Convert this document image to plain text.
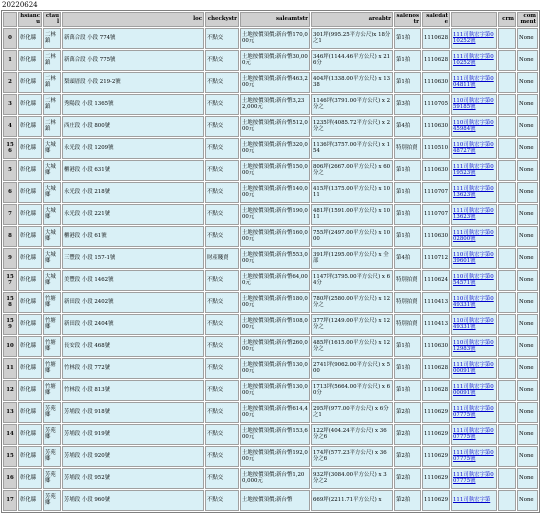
20220624
	hsiancu	ctaul	loc	checkystr	saleamtstr	areabtr	salenostr	saledate		crm	comment
0	彰化縣	二林鎮	新萬合段 小段 774號	不點交	土地按價須價;新台幣170,000元	301坪(995.25平方公尺)x 18分之1	第1拍	1110628	111司執宏字第010252號		None
1	彰化縣	二林鎮	新萬合段 小段 775號	不點交	土地按價須價;新台幣30,000元	346坪(1144.46平方公尺) x 216分	第1拍	1110628	111司執宏字第010252號		None
2	彰化縣	二林鎮	梨頭厝段 小段 219-2號	不點交	土地按價須價;新台幣463,200元	404坪(1338.00平方公尺) x 1338	第1拍	1110630	111司執宏字第004811號		None
3	彰化縣	二林鎮	秀陽段 小段 1365號	不點交	土地按價須價;新台幣3,232,000元	1146坪(3791.00平方公尺) x 2分之	第3拍	1110705	110司執宏字第059185號		None
4	彰化縣	二林鎮	西庄段 小段 800號	不點交	土地按價須價;新台幣512,000元	1235坪(4085.72平方公尺) x 2分之	第4拍	1110630	110司執宏字第045984號		None
156	彰化縣	大城鄉	永光段 小段 1209號	不點交	土地按價須價;新台幣320,000元	1136坪(3757.00平方公尺) x 154	特別拍賣	1110510	110司執宏字第048727號		None
5	彰化縣	大城鄉	櫃港段 小段 631號	不點交	土地按價須價;新台幣150,000元	806坪(2667.00平方公尺) x 60分之	第1拍	1110630	111司執宏字第019523號		None
6	彰化縣	大城鄉	永光段 小段 218號	不點交	土地按價須價;新台幣140,000元	415坪(1375.00平方公尺) x 1011	第1拍	1110707	111司執宏字第013623號		None
7	彰化縣	大城鄉	永光段 小段 221號	不點交	土地按價須價;新台幣190,000元	481坪(1591.00平方公尺) x 1011	第1拍	1110707	111司執宏字第013623號		None
8	彰化縣	大城鄉	櫃港段 小段 61號	不點交	土地按價須價;新台幣160,000元	755坪(2497.00平方公尺) x 1000	第1拍	1110630	111司執宏字第002800號		None
9	彰化縣	大城鄉	三豐段 小段 157-1號	財產賤賣	土地按價須價;新台幣553,000元	391坪(1295.00平方公尺) x 全部	第4拍	1110712	110司執宏字第039601號		None
157	彰化縣	大城鄉	美豐段 小段 1462號	不點交	土地按價須價;新台幣64,000元	1147坪(3795.00平方公尺) x 64分	特別拍賣	1110624	110司執宏字第054571號		None
158	彰化縣	竹塘鄉	新田段 小段 2402號	不點交	土地按價須價;新台幣180,000元	780坪(2580.00平方公尺) x 12分之	特別拍賣	1110413	110司執宏字第049331號		None
159	彰化縣	竹塘鄉	新田段 小段 2404號	不點交	土地按價須價;新台幣108,000元	377坪(1249.00平方公尺) x 12分之	特別拍賣	1110413	110司執宏字第049331號		None
10	彰化縣	竹塘鄉	長安段 小段 468號	不點交	土地按價須價;新台幣260,000元	485坪(1615.00平方公尺) x 12分之	第1拍	1110630	110司執宏字第012983號		None
11	彰化縣	竹塘鄉	竹林段 小段 772號	不點交	土地按價須價;新台幣130,000元	2741坪(9062.00平方公尺) x 500	第1拍	1110628	111司執宏字第000091號		None
12	彰化縣	竹塘鄉	竹林段 小段 813號	不點交	土地按價須價;新台幣130,000元	1713坪(5664.00平方公尺) x 60分	第1拍	1110628	111司執宏字第000091號		None
13	彰化縣	芳苑鄉	芳埔段 小段 918號	不點交	土地按價須價;新台幣614,400元	295坪(977.00平方公尺) x 6分之1	第2拍	1110629	111司執宏字第007775號		None
14	彰化縣	芳苑鄉	芳埔段 小段 919號	不點交	土地按價須價;新台幣153,600元	122坪(404.24平方公尺) x 36分之6	第2拍	1110629	111司執宏字第007775號		None
15	彰化縣	芳苑鄉	芳埔段 小段 920號	不點交	土地按價須價;新台幣192,000元	174坪(577.23平方公尺) x 36分之6	第2拍	1110629	111司執宏字第007775號		None
16	彰化縣	芳苑鄉	芳埔段 小段 952號	不點交	土地按價須價;新台幣1,200,000元	932坪(3084.00平方公尺) x 3分之2	第2拍	1110629	111司執宏字第007775號		None
17	彰化縣	芳苑鄉	芳埔段 小段 960號	不點交	土地按價須價;新台幣	669坪(2211.71平方公尺) x	第2拍	1110629	111司執宏字第		None
